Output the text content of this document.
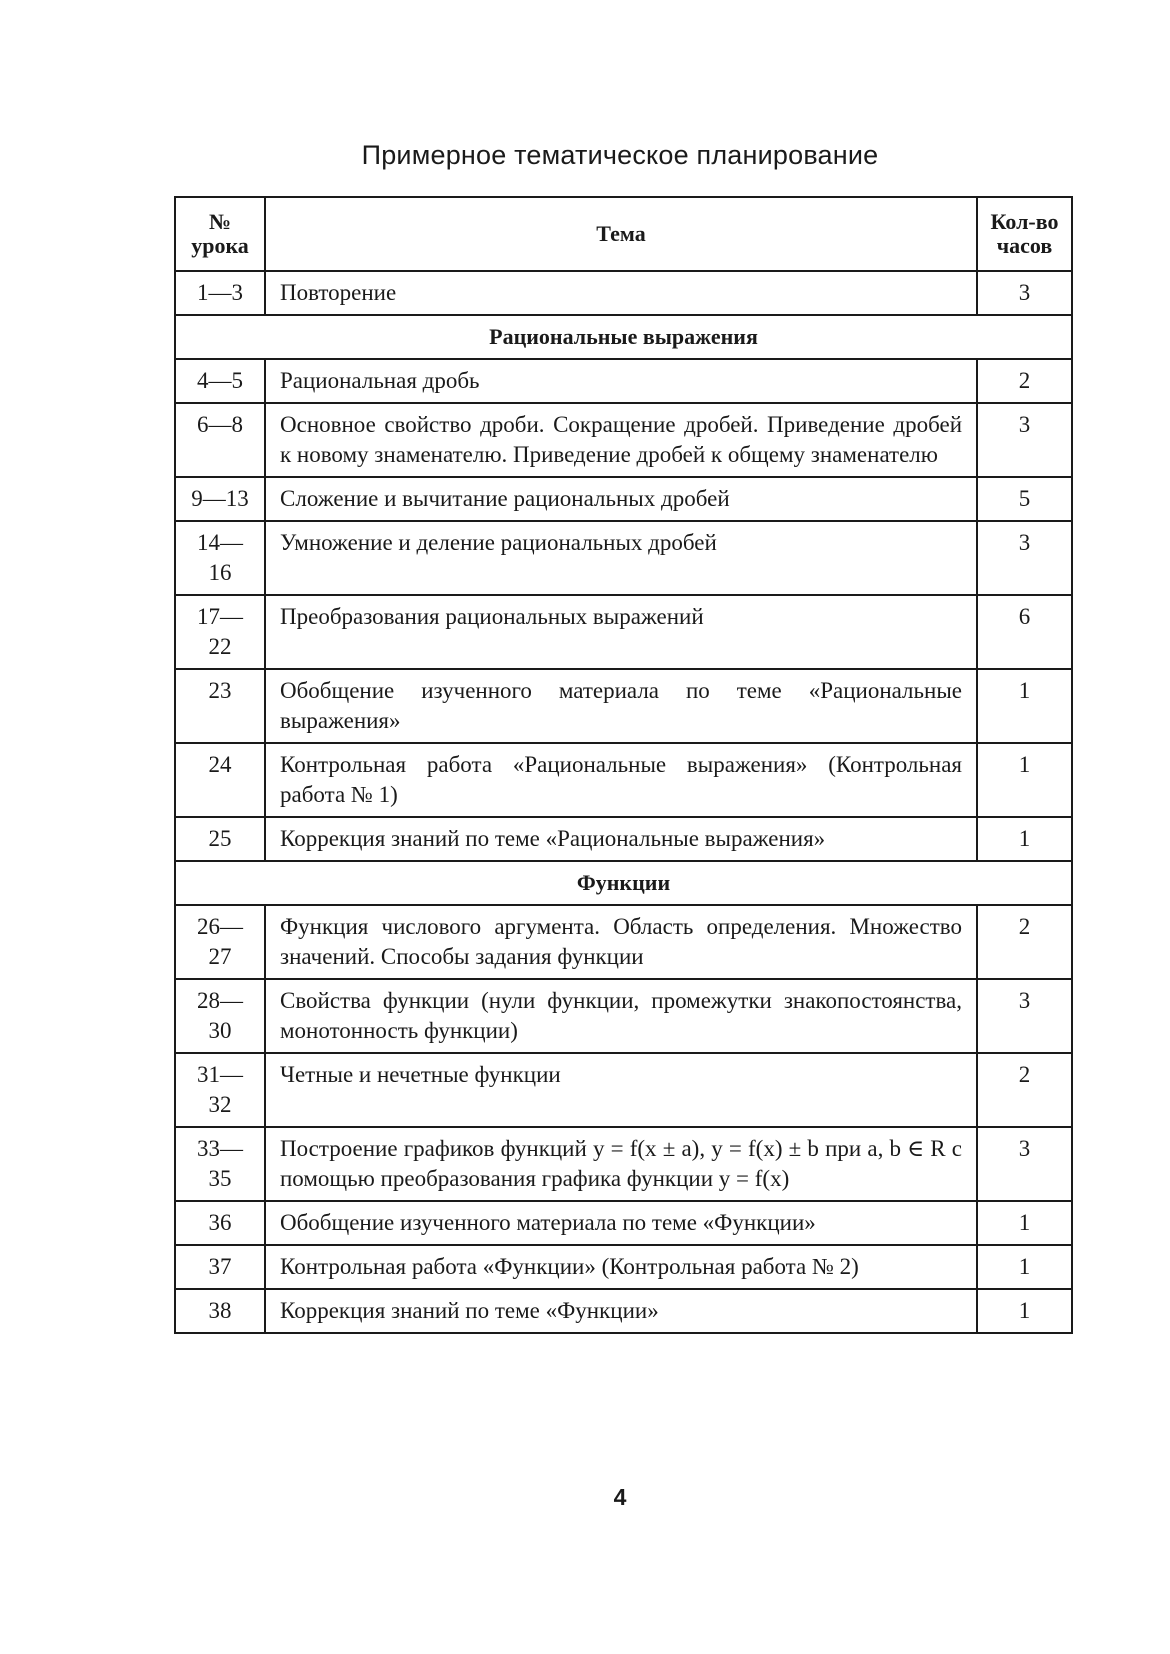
Примерное тематическое планирование
№ урока	Тема	Кол-во часов
1—3	Повторение	3
Рациональные выражения		
4—5	Рациональная дробь	2
6—8	Основное свойство дроби. Сокращение дробей. Приведение дробей к новому знаменателю. Приведение дробей к общему знаменателю	3
9—13	Сложение и вычитание рациональных дробей	5
14—16	Умножение и деление рациональных дробей	3
17—22	Преобразования рациональных выражений	6
23	Обобщение изученного материала по теме «Рациональные выражения»	1
24	Контрольная работа «Рациональные выражения» (Контрольная работа № 1)	1
25	Коррекция знаний по теме «Рациональные выражения»	1
Функции		
26—27	Функция числового аргумента. Область определения. Множество значений. Способы задания функции	2
28—30	Свойства функции (нули функции, промежутки знакопостоянства, монотонность функции)	3
31—32	Четные и нечетные функции	2
33—35	Построение графиков функций y = f(x ± a), y = f(x) ± b при a, b ∈ R с помощью преобразования графика функции y = f(x)	3
36	Обобщение изученного материала по теме «Функции»	1
37	Контрольная работа «Функции» (Контрольная работа № 2)	1
38	Коррекция знаний по теме «Функции»	1
4
